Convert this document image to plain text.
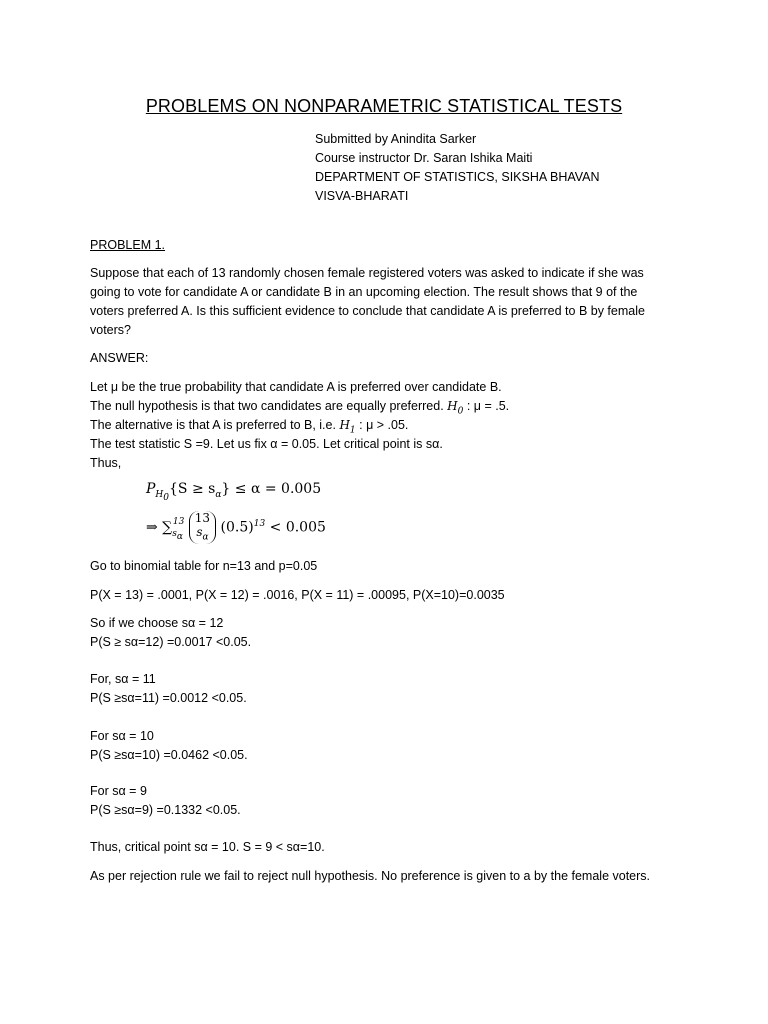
PROBLEMS ON NONPARAMETRIC STATISTICAL TESTS
Submitted by Anindita Sarker
Course instructor Dr. Saran Ishika Maiti
DEPARTMENT OF STATISTICS, SIKSHA BHAVAN
VISVA-BHARATI
PROBLEM 1.
Suppose that each of 13 randomly chosen female registered voters was asked to indicate if she was
going to vote for candidate A or candidate B in an upcoming election. The result shows that 9 of the
voters preferred A. Is this sufficient evidence to conclude that candidate A is preferred to B by female
voters?
ANSWER:
Let μ be the true probability that candidate A is preferred over candidate B.
The null hypothesis is that two candidates are equally preferred. $H_0$ : μ = .5.
The alternative is that A is preferred to B, i.e. $H_1$ : μ > .05.
The test statistic S =9. Let us fix α = 0.05. Let critical point is sα.
Thus,
$P_{H_0}\{S \ge s_\alpha\} \le \alpha = 0.005$
⇒ $\sum_{s_\alpha}^{13}$ 13
$s_\alpha$
$(0.5)^{13} < 0.005$
Go to binomial table for n=13 and p=0.05
P(X = 13) = .0001, P(X = 12) = .0016, P(X = 11) = .00095, P(X=10)=0.0035
So if we choose sα = 12
P(S ≥ sα=12) =0.0017 <0.05.
For, sα = 11
P(S ≥sα=11) =0.0012 <0.05.
For sα = 10
P(S ≥sα=10) =0.0462 <0.05.
For sα = 9
P(S ≥sα=9) =0.1332 <0.05.
Thus, critical point sα = 10. S = 9 < sα=10.
As per rejection rule we fail to reject null hypothesis. No preference is given to a by the female voters.
